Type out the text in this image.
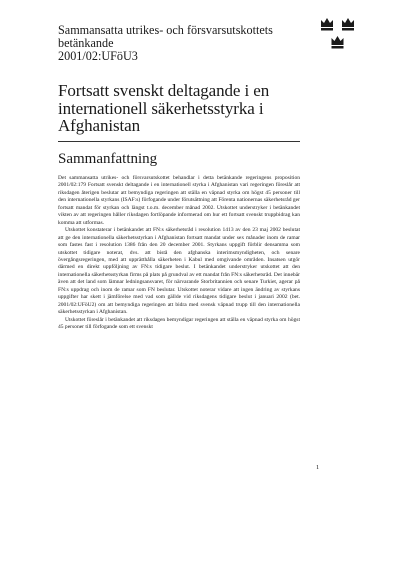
Sammansatta utrikes- och försvarsutskottets
betänkande
2001/02:UFöU3
Fortsatt svenskt deltagande i en
internationell säkerhetsstyrka i
Afghanistan
Sammanfattning

Det sammansatta utrikes- och försvarsutskottet behandlar i detta betänkande regeringens proposition 2001/02:179 Fortsatt svenskt deltagande i en internationell styrka i Afghanistan vari regeringen föreslår att riksdagen återigen beslutar att bemyndiga regeringen att ställa en väpnad styrka om högst 45 personer till den internationella styrkans (ISAF:s) förfogande under förutsättning att Förenta nationernas säkerhetsråd ger fortsatt mandat för styrkan och längst t.o.m. december månad 2002. Utskottet understryker i betänkandet vikten av att regeringen håller riksdagen fortlöpande informerad om hur ett fortsatt svenskt truppbidrag kan komma att utformas.

Utskottet konstaterar i betänkandet att FN:s säkerhetsråd i resolution 1413 av den 23 maj 2002 beslutat att ge den internationella säkerhetsstyrkan i Afghanistan fortsatt mandat under sex månader inom de ramar som fastes fast i resolution 1386 från den 20 december 2001. Styrkans uppgift förblir densamma som utskottet tidigare noterat, dvs. att bistå den afghanska interimsmyndigheten, och senare övergångsregeringen, med att upprätthålla säkerheten i Kabul med omgivande områden. Insatsen utgör därmed en direkt uppföljning av FN:s tidigare beslut. I betänkandet understryker utskottet att den internationella säkerhetsstyrkan firms på plats på grundval av ett mandat från FN:s säkerhetsråd. Det innebär även att det land som lämnar ledningsansvaret, för närvarande Storbritannien och senare Turkiet, agerar på FN:s uppdrag och inom de ramar som FN beslutar. Utskottet noterar vidare att ingen ändring av styrkans uppgifter har skett i jämförelse med vad som gällde vid riksdagens tidigare beslut i januari 2002 (bet. 2001/02:UFöU2) om att bemyndiga regeringen att bidra med svensk väpnad trupp till den internationella säkerhetsstyrkan i Afghanistan.

Utskottet föreslår i betänkandet att riksdagen bemyndigar regeringen att ställa en väpnad styrka om högst 45 personer till förfogande som ett svenskt

1
